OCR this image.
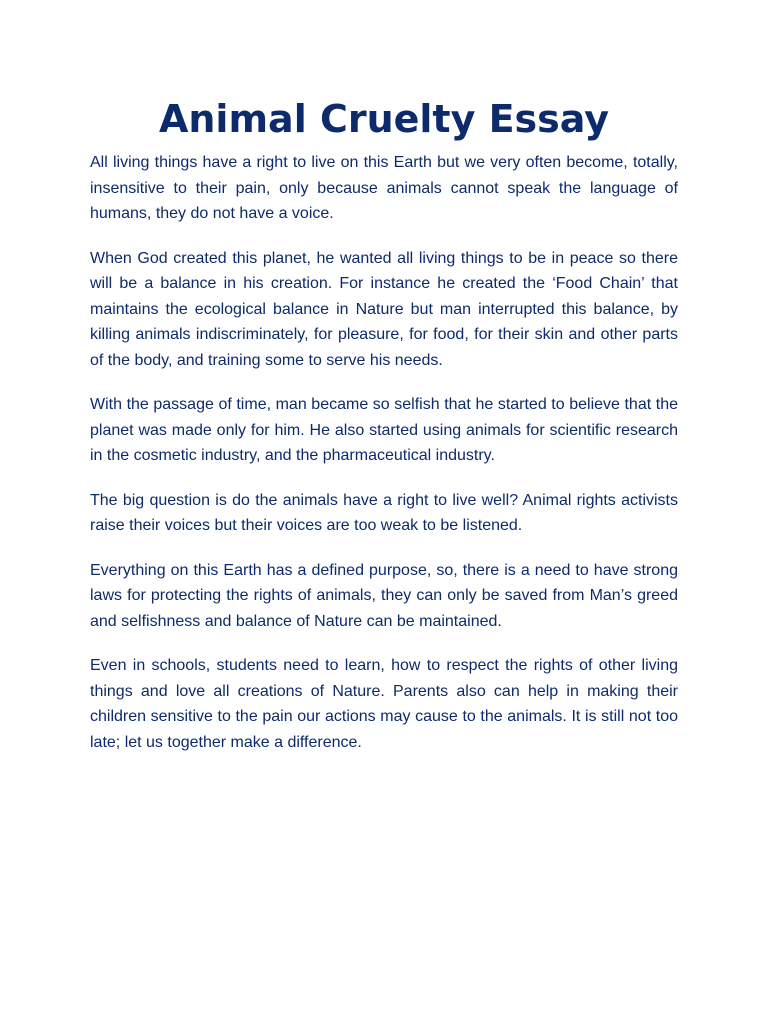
Animal Cruelty Essay

All living things have a right to live on this Earth but we very often become, totally, insensitive to their pain, only because animals cannot speak the language of humans, they do not have a voice.

When God created this planet, he wanted all living things to be in peace so there will be a balance in his creation. For instance he created the ‘Food Chain’ that maintains the ecological balance in Nature but man interrupted this balance, by killing animals indiscriminately, for pleasure, for food, for their skin and other parts of the body, and training some to serve his needs.

With the passage of time, man became so selfish that he started to believe that the planet was made only for him. He also started using animals for scientific research in the cosmetic industry, and the pharmaceutical industry.

The big question is do the animals have a right to live well? Animal rights activists raise their voices but their voices are too weak to be listened.

Everything on this Earth has a defined purpose, so, there is a need to have strong laws for protecting the rights of animals, they can only be saved from Man’s greed and selfishness and balance of Nature can be maintained.

Even in schools, students need to learn, how to respect the rights of other living things and love all creations of Nature. Parents also can help in making their children sensitive to the pain our actions may cause to the animals. It is still not too late; let us together make a difference.
